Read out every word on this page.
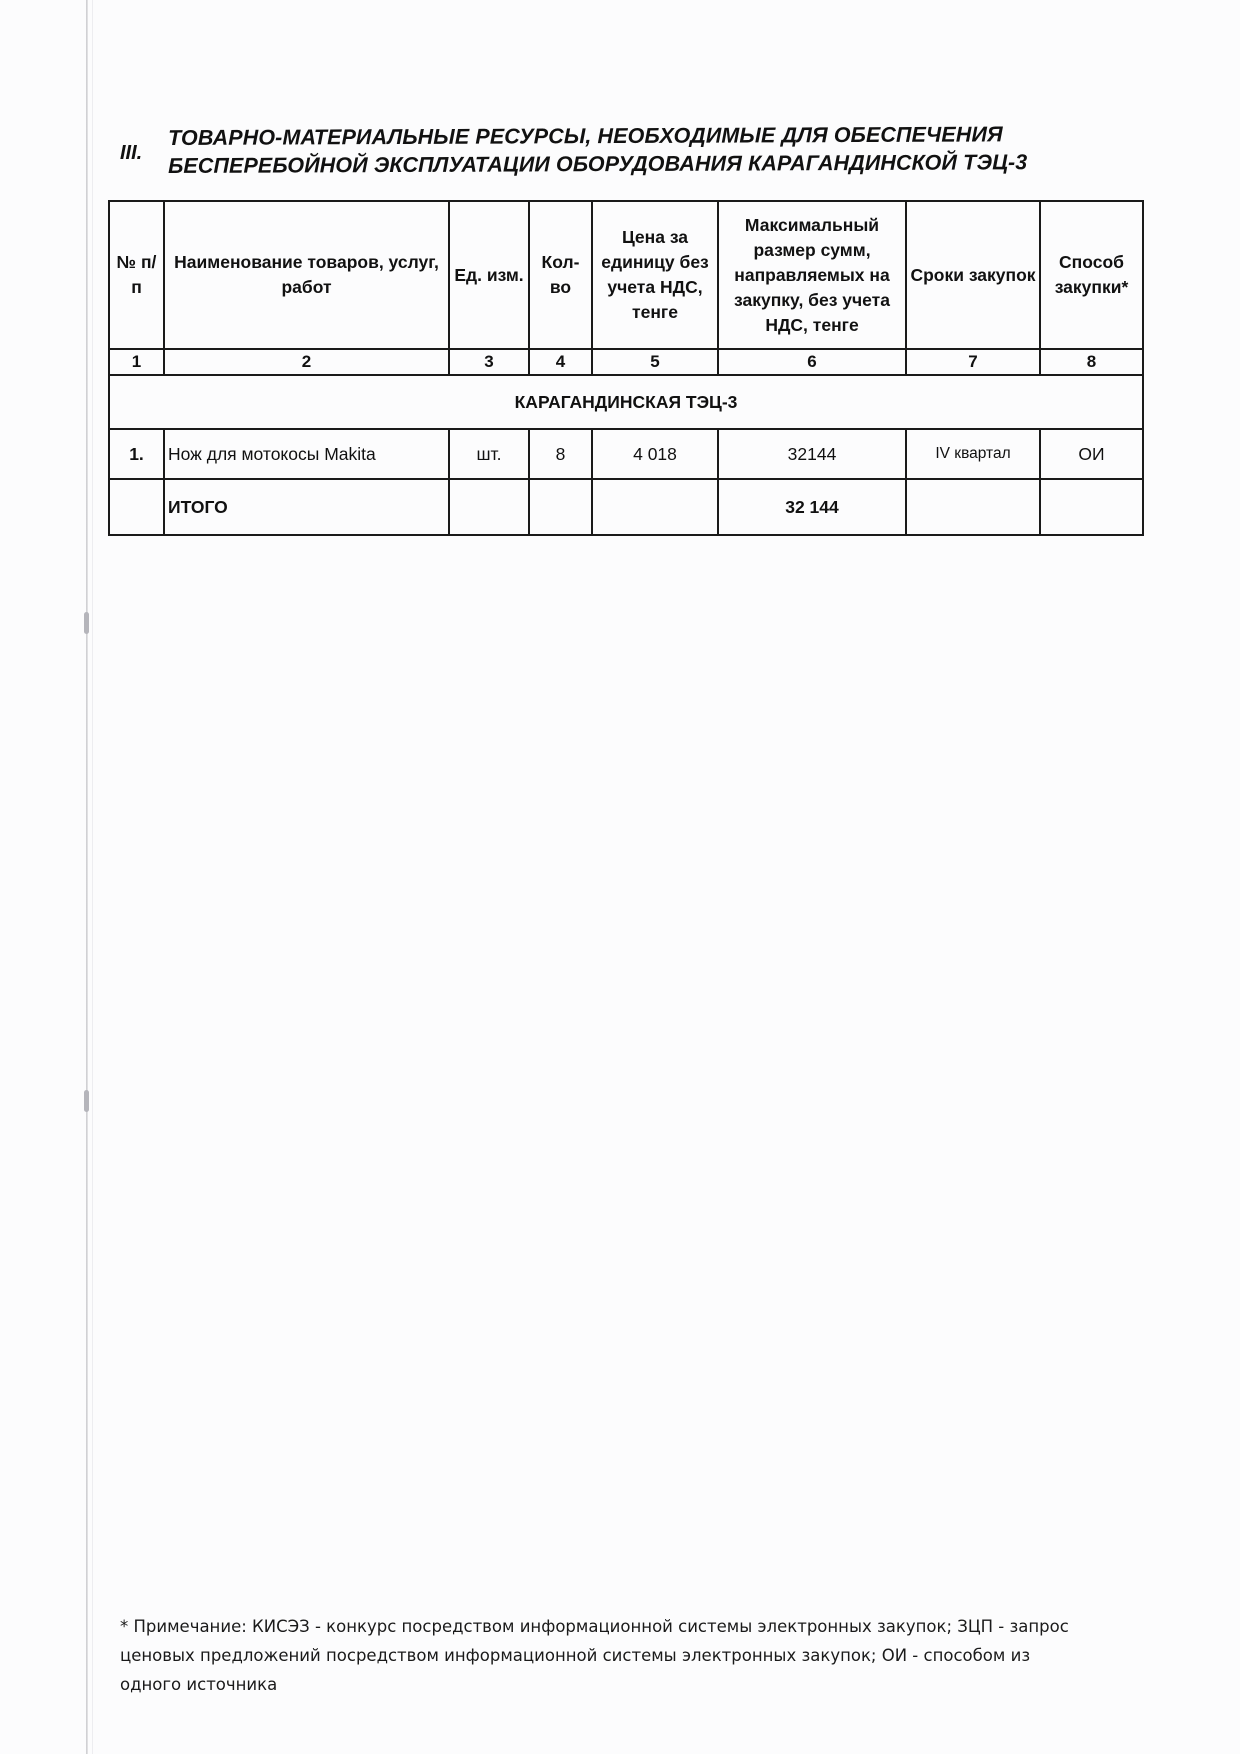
III.
ТОВАРНО-МАТЕРИАЛЬНЫЕ РЕСУРСЫ, НЕОБХОДИМЫЕ ДЛЯ ОБЕСПЕЧЕНИЯ
БЕСПЕРЕБОЙНОЙ ЭКСПЛУАТАЦИИ ОБОРУДОВАНИЯ КАРАГАНДИНСКОЙ ТЭЦ-3
№ п/п	Наименование товаров, услуг, работ	Ед. изм.	Кол-во	Цена за единицу без учета НДС, тенге	Максимальный размер сумм, направляемых на закупку, без учета НДС, тенге	Сроки закупок	Способ закупки*
1	2	3	4	5	6	7	8
КАРАГАНДИНСКАЯ ТЭЦ-3							
1.	Нож для мотокосы Makita	шт.	8	4 018	32144	IV квартал	ОИ
	ИТОГО				32 144		
* Примечание: КИСЭЗ - конкурс посредством информационной системы электронных закупок; ЗЦП - запрос
ценовых предложений посредством информационной системы электронных закупок; ОИ - способом из
одного источника
